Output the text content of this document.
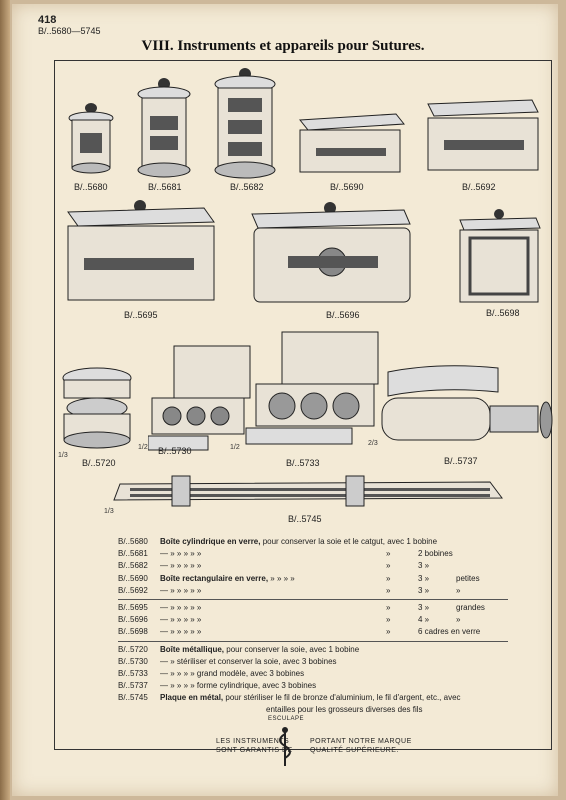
418
B/..5680—5745
VIII. Instruments et appareils pour Sutures.
B/..5680	B/..5681	B/..5682	B/..5690	B/..5692
B/..5695	B/..5696	B/..5698
1/3
B/..5720
1/2 B/..5730	1/2
B/..5733
2/3
B/..5737
1/3
B/..5745
B/..5680 Boîte cylindrique en verre, pour conserver la soie et le catgut, avec 1 bobine
B/..5681 — » » » » »	»	2 bobines
B/..5682 — » » » » »	»	3 »
B/..5690 Boîte rectangulaire en verre, » » » »	»	3 »	petites
B/..5692 — » » » » »	»	3 »	»
B/..5695 — » » » » »	»	3 »	grandes
B/..5696 — » » » » »	»	4 »	»
B/..5698 — » » » » »	»	6 cadres en verre
B/..5720 Boîte métallique, pour conserver la soie, avec 1 bobine
B/..5730 — » stériliser et conserver la soie, avec 3 bobines
B/..5733 — » » » » grand modèle, avec 3 bobines
B/..5737 — » » » » forme cylindrique, avec 3 bobines
B/..5745 Plaque en métal, pour stériliser le fil de bronze d'aluminium, le fil d'argent, etc., avec
entailles pour les grosseurs diverses des fils
LES INSTRUMENTS
SONT GARANTIS DE
PORTANT NOTRE MARQUE
QUALITÉ SUPÉRIEURE.
ESCULAPE
